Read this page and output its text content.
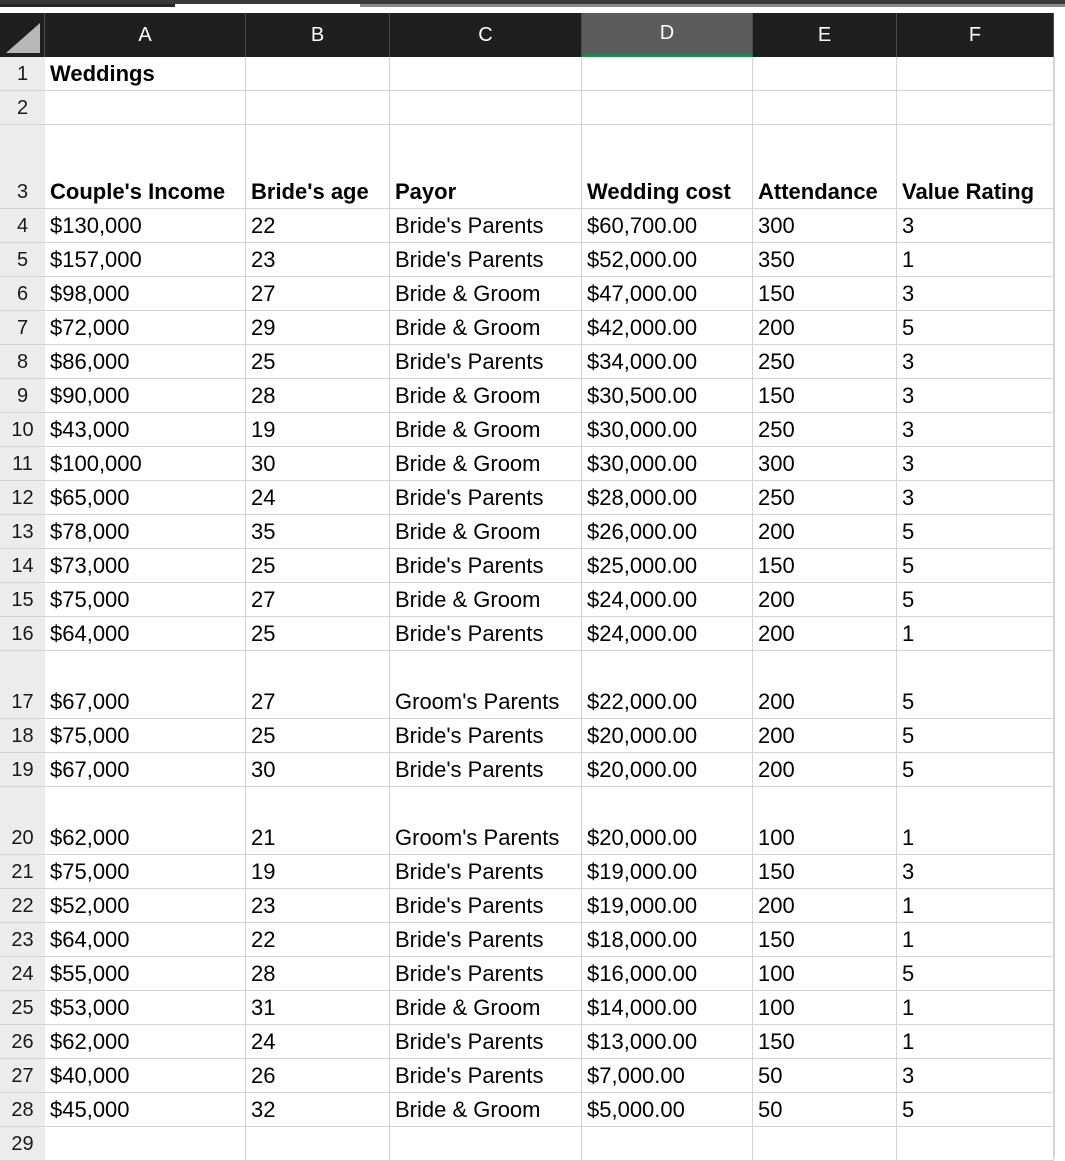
A	B	C	D	E	F
1 Weddings
2
3 Couple's Income	Bride's age	Payor	Wedding cost	Attendance	Value Rating
4 $130,000	22	Bride's Parents	$60,700.00	300	3
5 $157,000	23	Bride's Parents	$52,000.00	350	1
6 $98,000	27	Bride & Groom	$47,000.00	150	3
7 $72,000	29	Bride & Groom	$42,000.00	200	5
8 $86,000	25	Bride's Parents	$34,000.00	250	3
9 $90,000	28	Bride & Groom	$30,500.00	150	3
10 $43,000	19	Bride & Groom	$30,000.00	250	3
11 $100,000	30	Bride & Groom	$30,000.00	300	3
12 $65,000	24	Bride's Parents	$28,000.00	250	3
13 $78,000	35	Bride & Groom	$26,000.00	200	5
14 $73,000	25	Bride's Parents	$25,000.00	150	5
15 $75,000	27	Bride & Groom	$24,000.00	200	5
16 $64,000	25	Bride's Parents	$24,000.00	200	1
17 $67,000	27	Groom's Parents	$22,000.00	200	5
18 $75,000	25	Bride's Parents	$20,000.00	200	5
19 $67,000	30	Bride's Parents	$20,000.00	200	5
20 $62,000	21	Groom's Parents	$20,000.00	100	1
21 $75,000	19	Bride's Parents	$19,000.00	150	3
22 $52,000	23	Bride's Parents	$19,000.00	200	1
23 $64,000	22	Bride's Parents	$18,000.00	150	1
24 $55,000	28	Bride's Parents	$16,000.00	100	5
25 $53,000	31	Bride & Groom	$14,000.00	100	1
26 $62,000	24	Bride's Parents	$13,000.00	150	1
27 $40,000	26	Bride's Parents	$7,000.00	50	3
28 $45,000	32	Bride & Groom	$5,000.00	50	5
29
